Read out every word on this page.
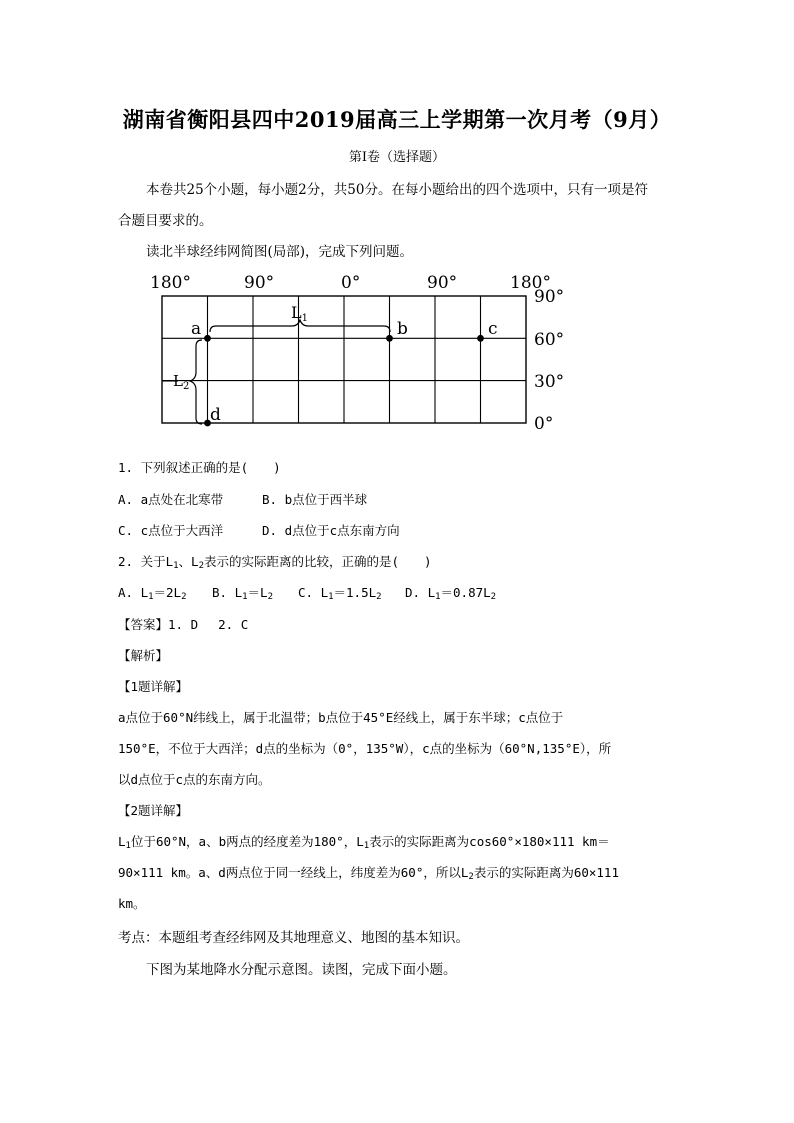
湖南省衡阳县四中2019届高三上学期第一次月考（9月）
第Ⅰ卷（选择题）
本卷共25个小题，每小题2分，共50分。在每小题给出的四个选项中，只有一项是符
合题目要求的。
读北半球经纬网简图(局部)，完成下列问题。
180°	90°	0°	90°	180°
90°
60°
30°
0°
L1
$L_2$
a	b	c
d
1. 下列叙述正确的是(　　)
A. a点处在北寒带	B. b点位于西半球
C. c点位于大西洋	D. d点位于c点东南方向
2. 关于$L_1$、$L_2$表示的实际距离的比较，正确的是(　　)
A. $L_1=2L_2$ B. $L_1=L_2$ C. $L_1=1.5L_2$ D. $L_1=0.87L_2$
【答案】1. D　 2. C
【解析】
【1题详解】
a点位于60°N纬线上，属于北温带；b点位于45°E经线上，属于东半球；c点位于
150°E，不位于大西洋；d点的坐标为（0°，135°W），c点的坐标为（60°N,135°E），所
以d点位于c点的东南方向。
【2题详解】
$L_1$位于60°N，a、b两点的经度差为180°，$L_1$表示的实际距离为cos60°×180×111 km＝
90×111 km。a、d两点位于同一经线上，纬度差为60°，所以$L_2$表示的实际距离为60×111
km。
考点：本题组考查经纬网及其地理意义、地图的基本知识。
下图为某地降水分配示意图。读图，完成下面小题。
